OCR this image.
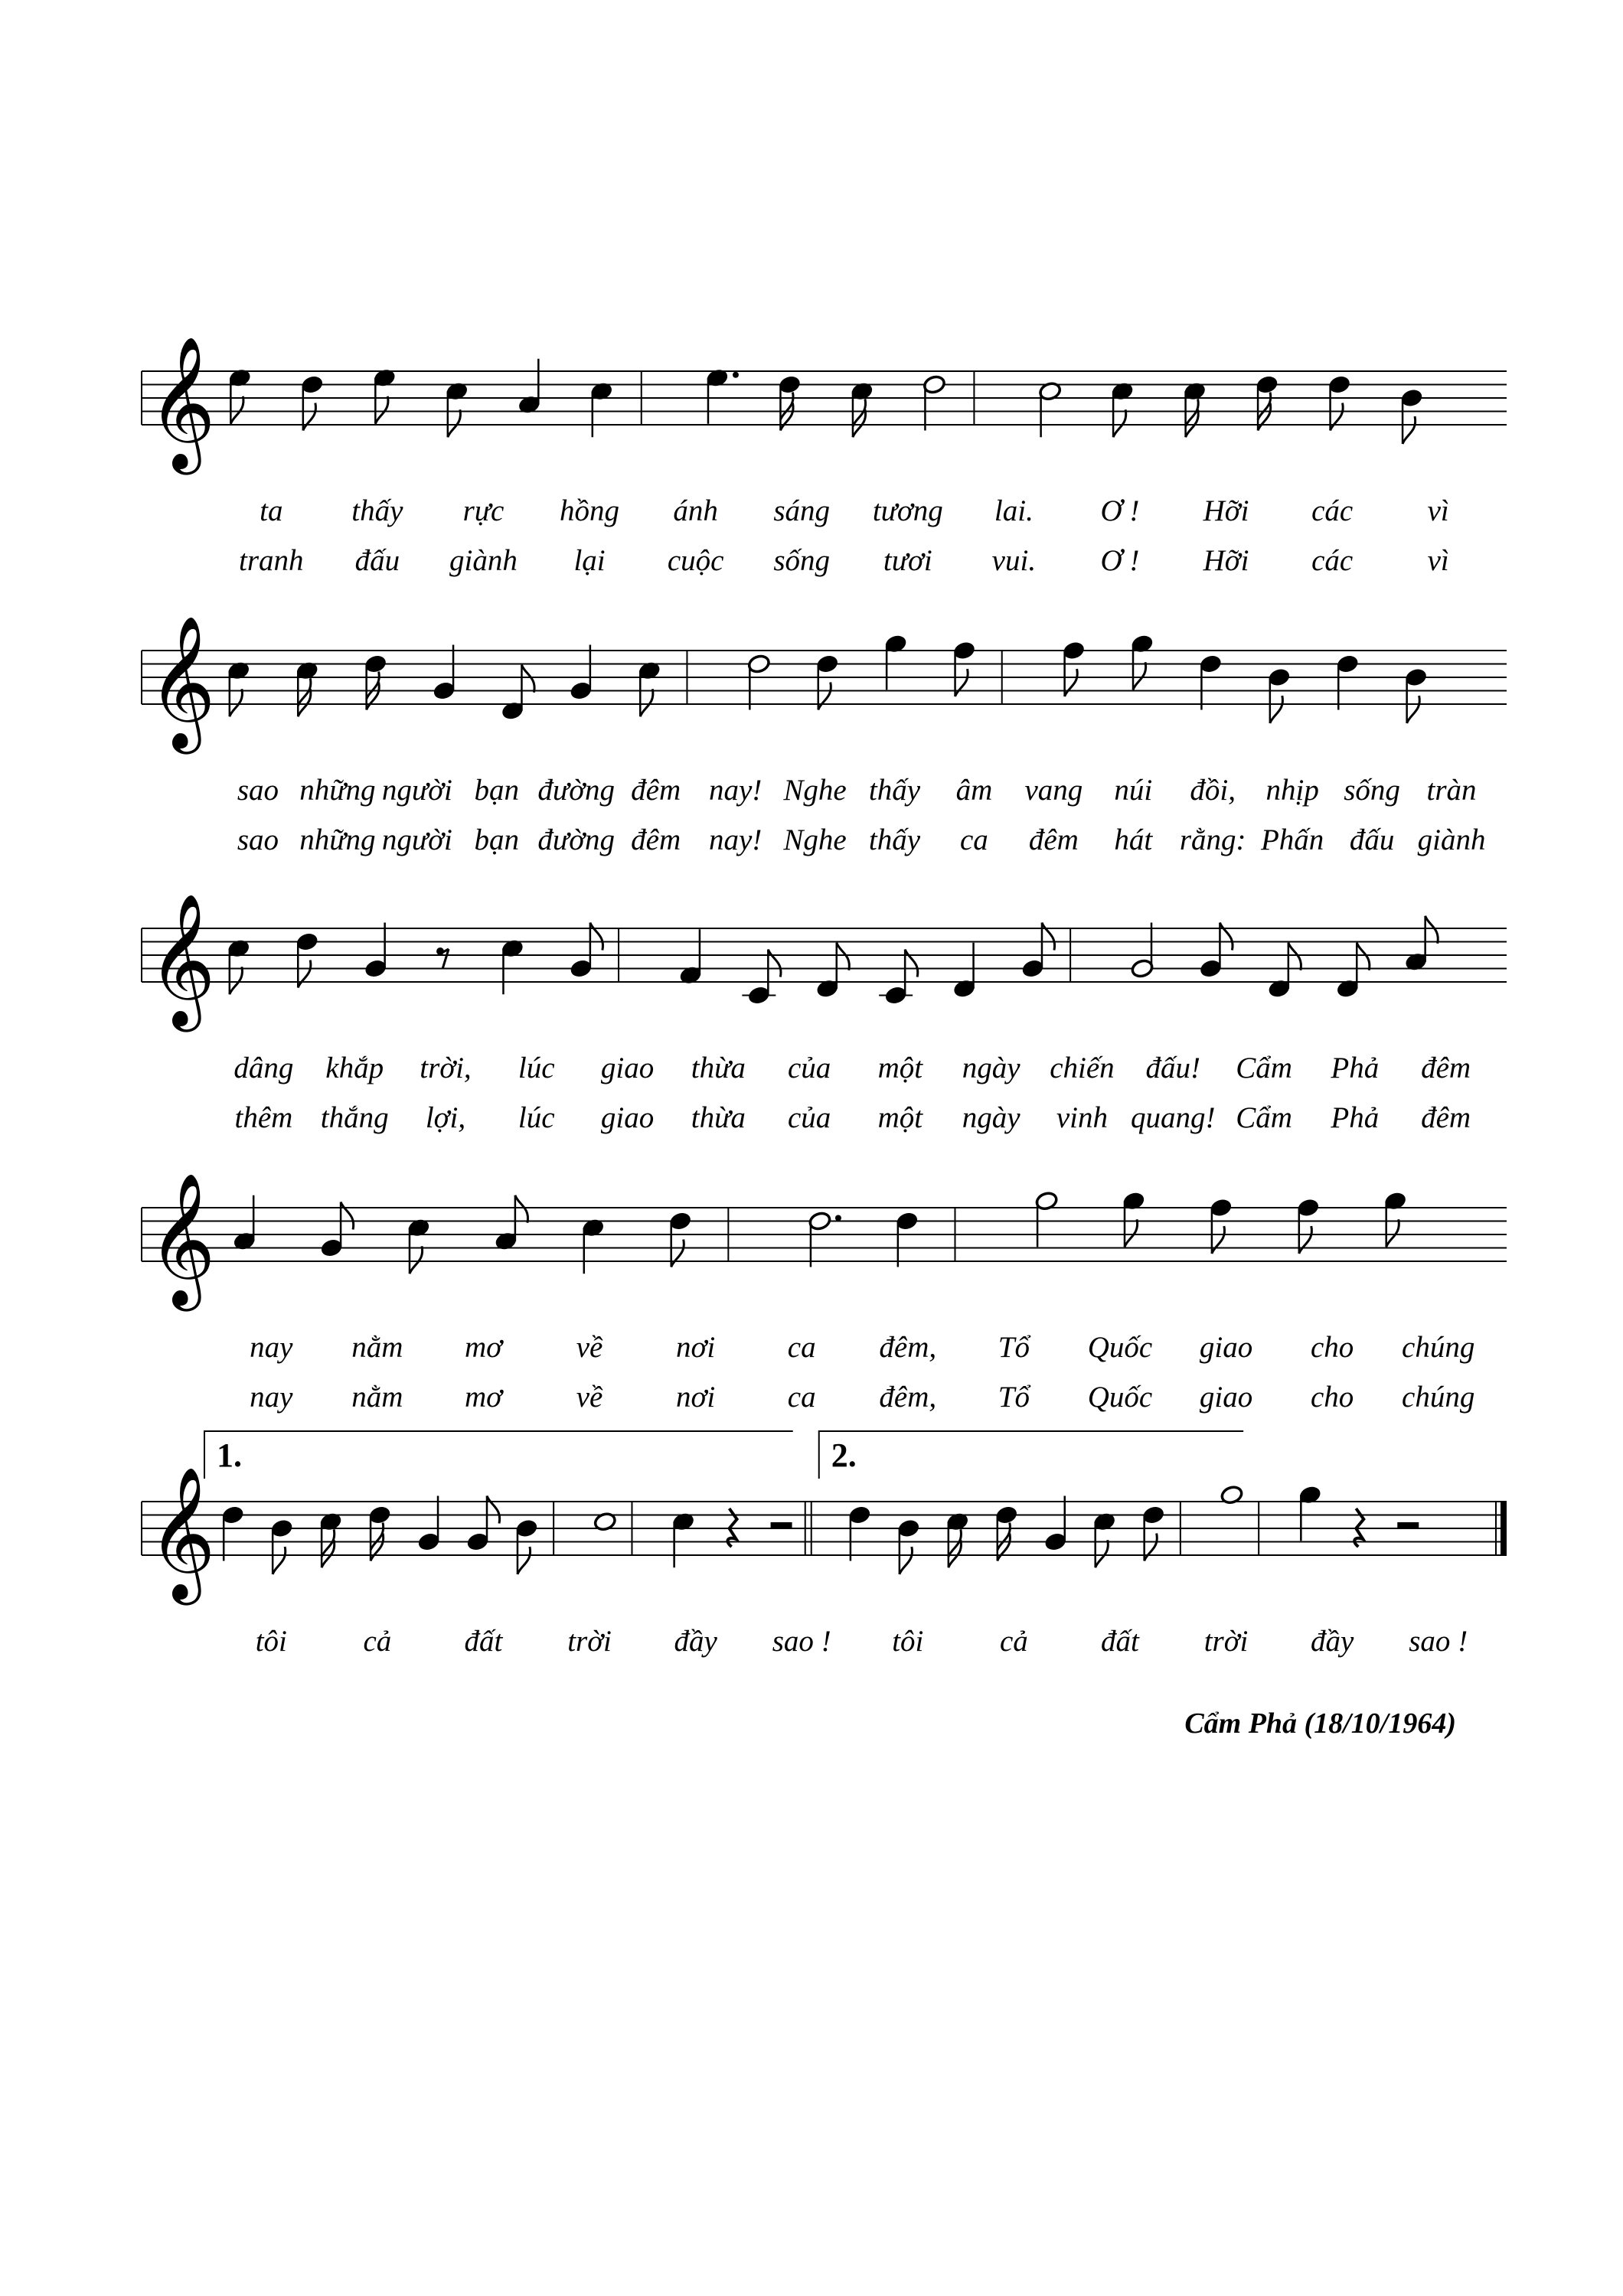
𝄞
ta thấy rực hồng ánh sáng tương lai. Ơ ! Hỡi các vì
tranh đấu giành lại cuộc sống tươi vui. Ơ ! Hỡi các vì
𝄞
sao những người bạn đường đêm nay! Nghe thấy âm vang núi đồi, nhịp sống tràn
sao những người bạn đường đêm nay! Nghe thấy ca đêm hát rằng: Phấn đấu giành
𝄞
dâng khắp trời, lúc giao thừa của một ngày chiến đấu! Cẩm Phả đêm
thêm thắng lợi, lúc giao thừa của một ngày vinh quang! Cẩm Phả đêm
𝄞
nay nằm mơ về nơi ca đêm, Tổ Quốc giao cho chúng
nay nằm mơ về nơi ca đêm, Tổ Quốc giao cho chúng
𝄞
1.	2.
tôi	cả đất trời đầy sao ! tôi	cả đất trời đầy sao !
Cẩm Phả (18/10/1964)
